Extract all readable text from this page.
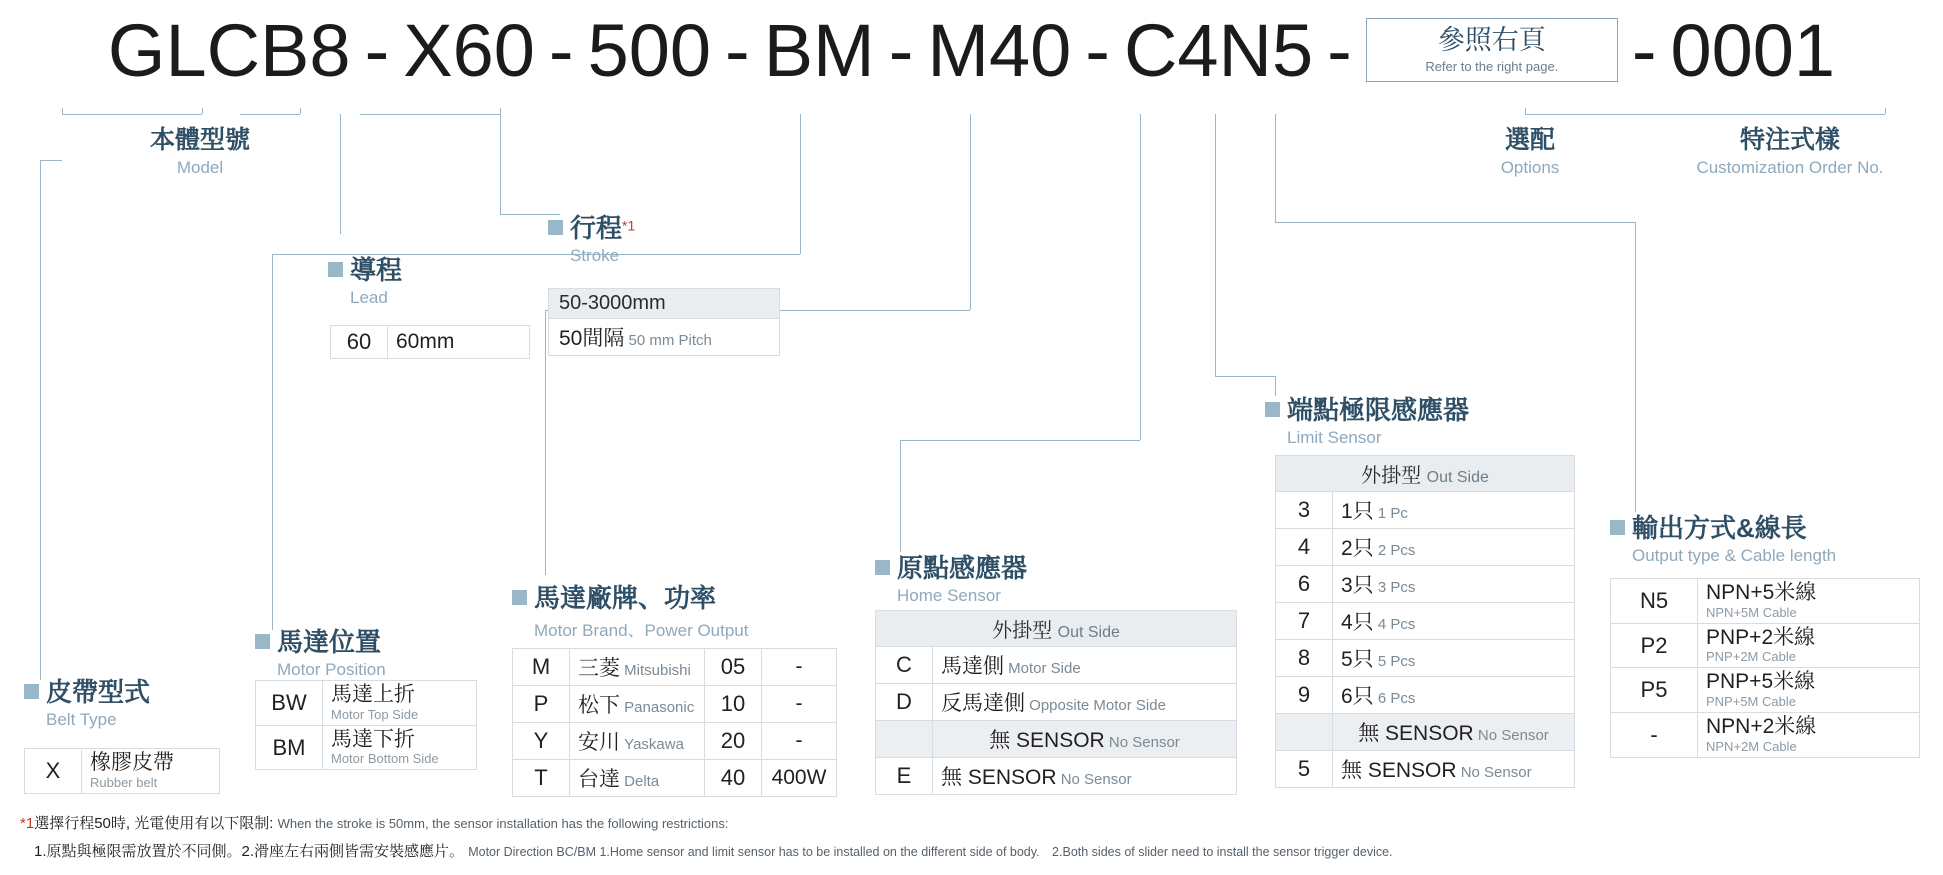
GLCB8 - X60 - 500 - BM - M40 - C4N5 -	參照右頁
Refer to the right page. - 0001
本體型號
Model
選配
Options
特注式樣
Customization Order No.
導程
Lead
行程*1
Stroke
端點極限感應器
Limit Sensor
輸出方式&線長
Output type & Cable length
原點感應器
Home Sensor
馬達廠牌、功率
Motor Brand、Power Output
馬達位置
Motor Position
皮帶型式
Belt Type
60	60mm
50-3000mm
50間隔 50 mm Pitch
X	橡膠皮帶
Rubber belt
BW	馬達上折
Motor Top Side

BM	馬達下折
Motor Bottom Side
M	三菱 Mitsubishi	05	-
P	松下 Panasonic	10	-
Y	安川 Yaskawa	20	-
T	台達 Delta	40	400W
外掛型 Out Side	
C	馬達側 Motor Side
D	反馬達側 Opposite Motor Side
	無 SENSOR No Sensor
E	無 SENSOR No Sensor
外掛型 Out Side	
3	1只 1 Pc
4	2只 2 Pcs
6	3只 3 Pcs
7	4只 4 Pcs
8	5只 5 Pcs
9	6只 6 Pcs
	無 SENSOR No Sensor
5	無 SENSOR No Sensor
N5	NPN+5米線
NPN+5M Cable

P2	PNP+2米線
PNP+2M Cable

P5	PNP+5米線
PNP+5M Cable

-	NPN+2米線
NPN+2M Cable
*1選擇行程50時, 光電使用有以下限制: When the stroke is 50mm, the sensor installation has the following restrictions:
1.原點與極限需放置於不同側。2.滑座左右兩側皆需安裝感應片。 Motor Direction BC/BM 1.Home sensor and limit sensor has to be installed on the different side of body.　2.Both sides of slider need to install the sensor trigger device.
